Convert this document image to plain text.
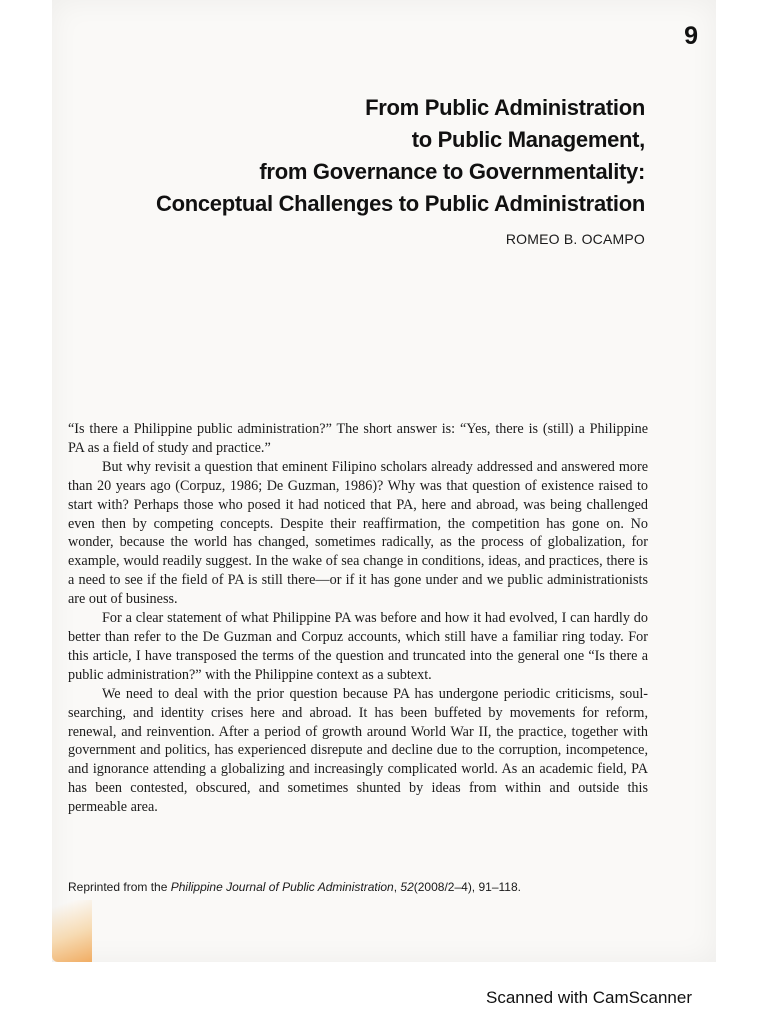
9
From Public Administration
to Public Management,
from Governance to Governmentality:
Conceptual Challenges to Public Administration
ROMEO B. OCAMPO

“Is there a Philippine public administration?” The short answer is: “Yes, there is (still) a Philippine PA as a field of study and practice.”

But why revisit a question that eminent Filipino scholars already addressed and answered more than 20 years ago (Corpuz, 1986; De Guzman, 1986)? Why was that question of existence raised to start with? Perhaps those who posed it had noticed that PA, here and abroad, was being challenged even then by competing concepts. Despite their reaffirmation, the competition has gone on. No wonder, because the world has changed, sometimes radically, as the process of globalization, for example, would readily suggest. In the wake of sea change in conditions, ideas, and practices, there is a need to see if the field of PA is still there—or if it has gone under and we public administrationists are out of business.

For a clear statement of what Philippine PA was before and how it had evolved, I can hardly do better than refer to the De Guzman and Corpuz accounts, which still have a familiar ring today. For this article, I have transposed the terms of the question and truncated into the general one “Is there a public administration?” with the Philippine context as a subtext.

We need to deal with the prior question because PA has undergone periodic criticisms, soul-searching, and identity crises here and abroad. It has been buffeted by movements for reform, renewal, and reinvention. After a period of growth around World War II, the practice, together with government and politics, has experienced disrepute and decline due to the corruption, incompetence, and ignorance attending a globalizing and increasingly complicated world. As an academic field, PA has been contested, obscured, and sometimes shunted by ideas from within and outside this permeable area.

Reprinted from the Philippine Journal of Public Administration, 52(2008/2–4), 91–118.
Scanned with CamScanner
